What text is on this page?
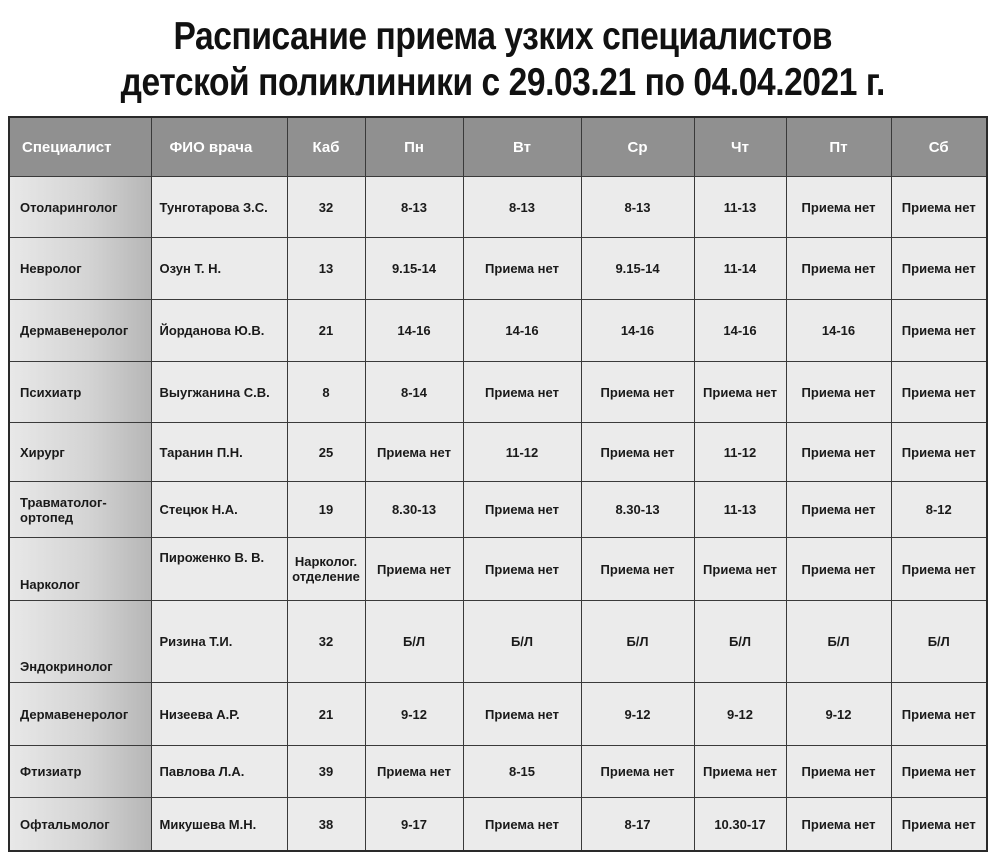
Расписание приема узких специалистов
детской поликлиники с 29.03.21 по 04.04.2021 г.
Специалист	ФИО врача	Каб	Пн	Вт	Ср	Чт	Пт	Сб
Отоларинголог	Тунготарова З.С.	32	8-13	8-13	8-13	11-13	Приема нет	Приема нет
Невролог	Озун Т. Н.	13	9.15-14	Приема нет	9.15-14	11-14	Приема нет	Приема нет
Дермавенеролог	Йорданова Ю.В.	21	14-16	14-16	14-16	14-16	14-16	Приема нет
Психиатр	Выугжанина С.В.	8	8-14	Приема нет	Приема нет	Приема нет	Приема нет	Приема нет
Хирург	Таранин П.Н.	25	Приема нет	11-12	Приема нет	11-12	Приема нет	Приема нет
Травматолог-ортопед	Стецюк Н.А.	19	8.30-13	Приема нет	8.30-13	11-13	Приема нет	8-12
Нарколог	Пироженко В. В.	Нарколог. отделение	Приема нет	Приема нет	Приема нет	Приема нет	Приема нет	Приема нет
Эндокринолог	Ризина Т.И.	32	Б/Л	Б/Л	Б/Л	Б/Л	Б/Л	Б/Л
Дермавенеролог	Низеева А.Р.	21	9-12	Приема нет	9-12	9-12	9-12	Приема нет
Фтизиатр	Павлова Л.А.	39	Приема нет	8-15	Приема нет	Приема нет	Приема нет	Приема нет
Офтальмолог	Микушева М.Н.	38	9-17	Приема нет	8-17	10.30-17	Приема нет	Приема нет
